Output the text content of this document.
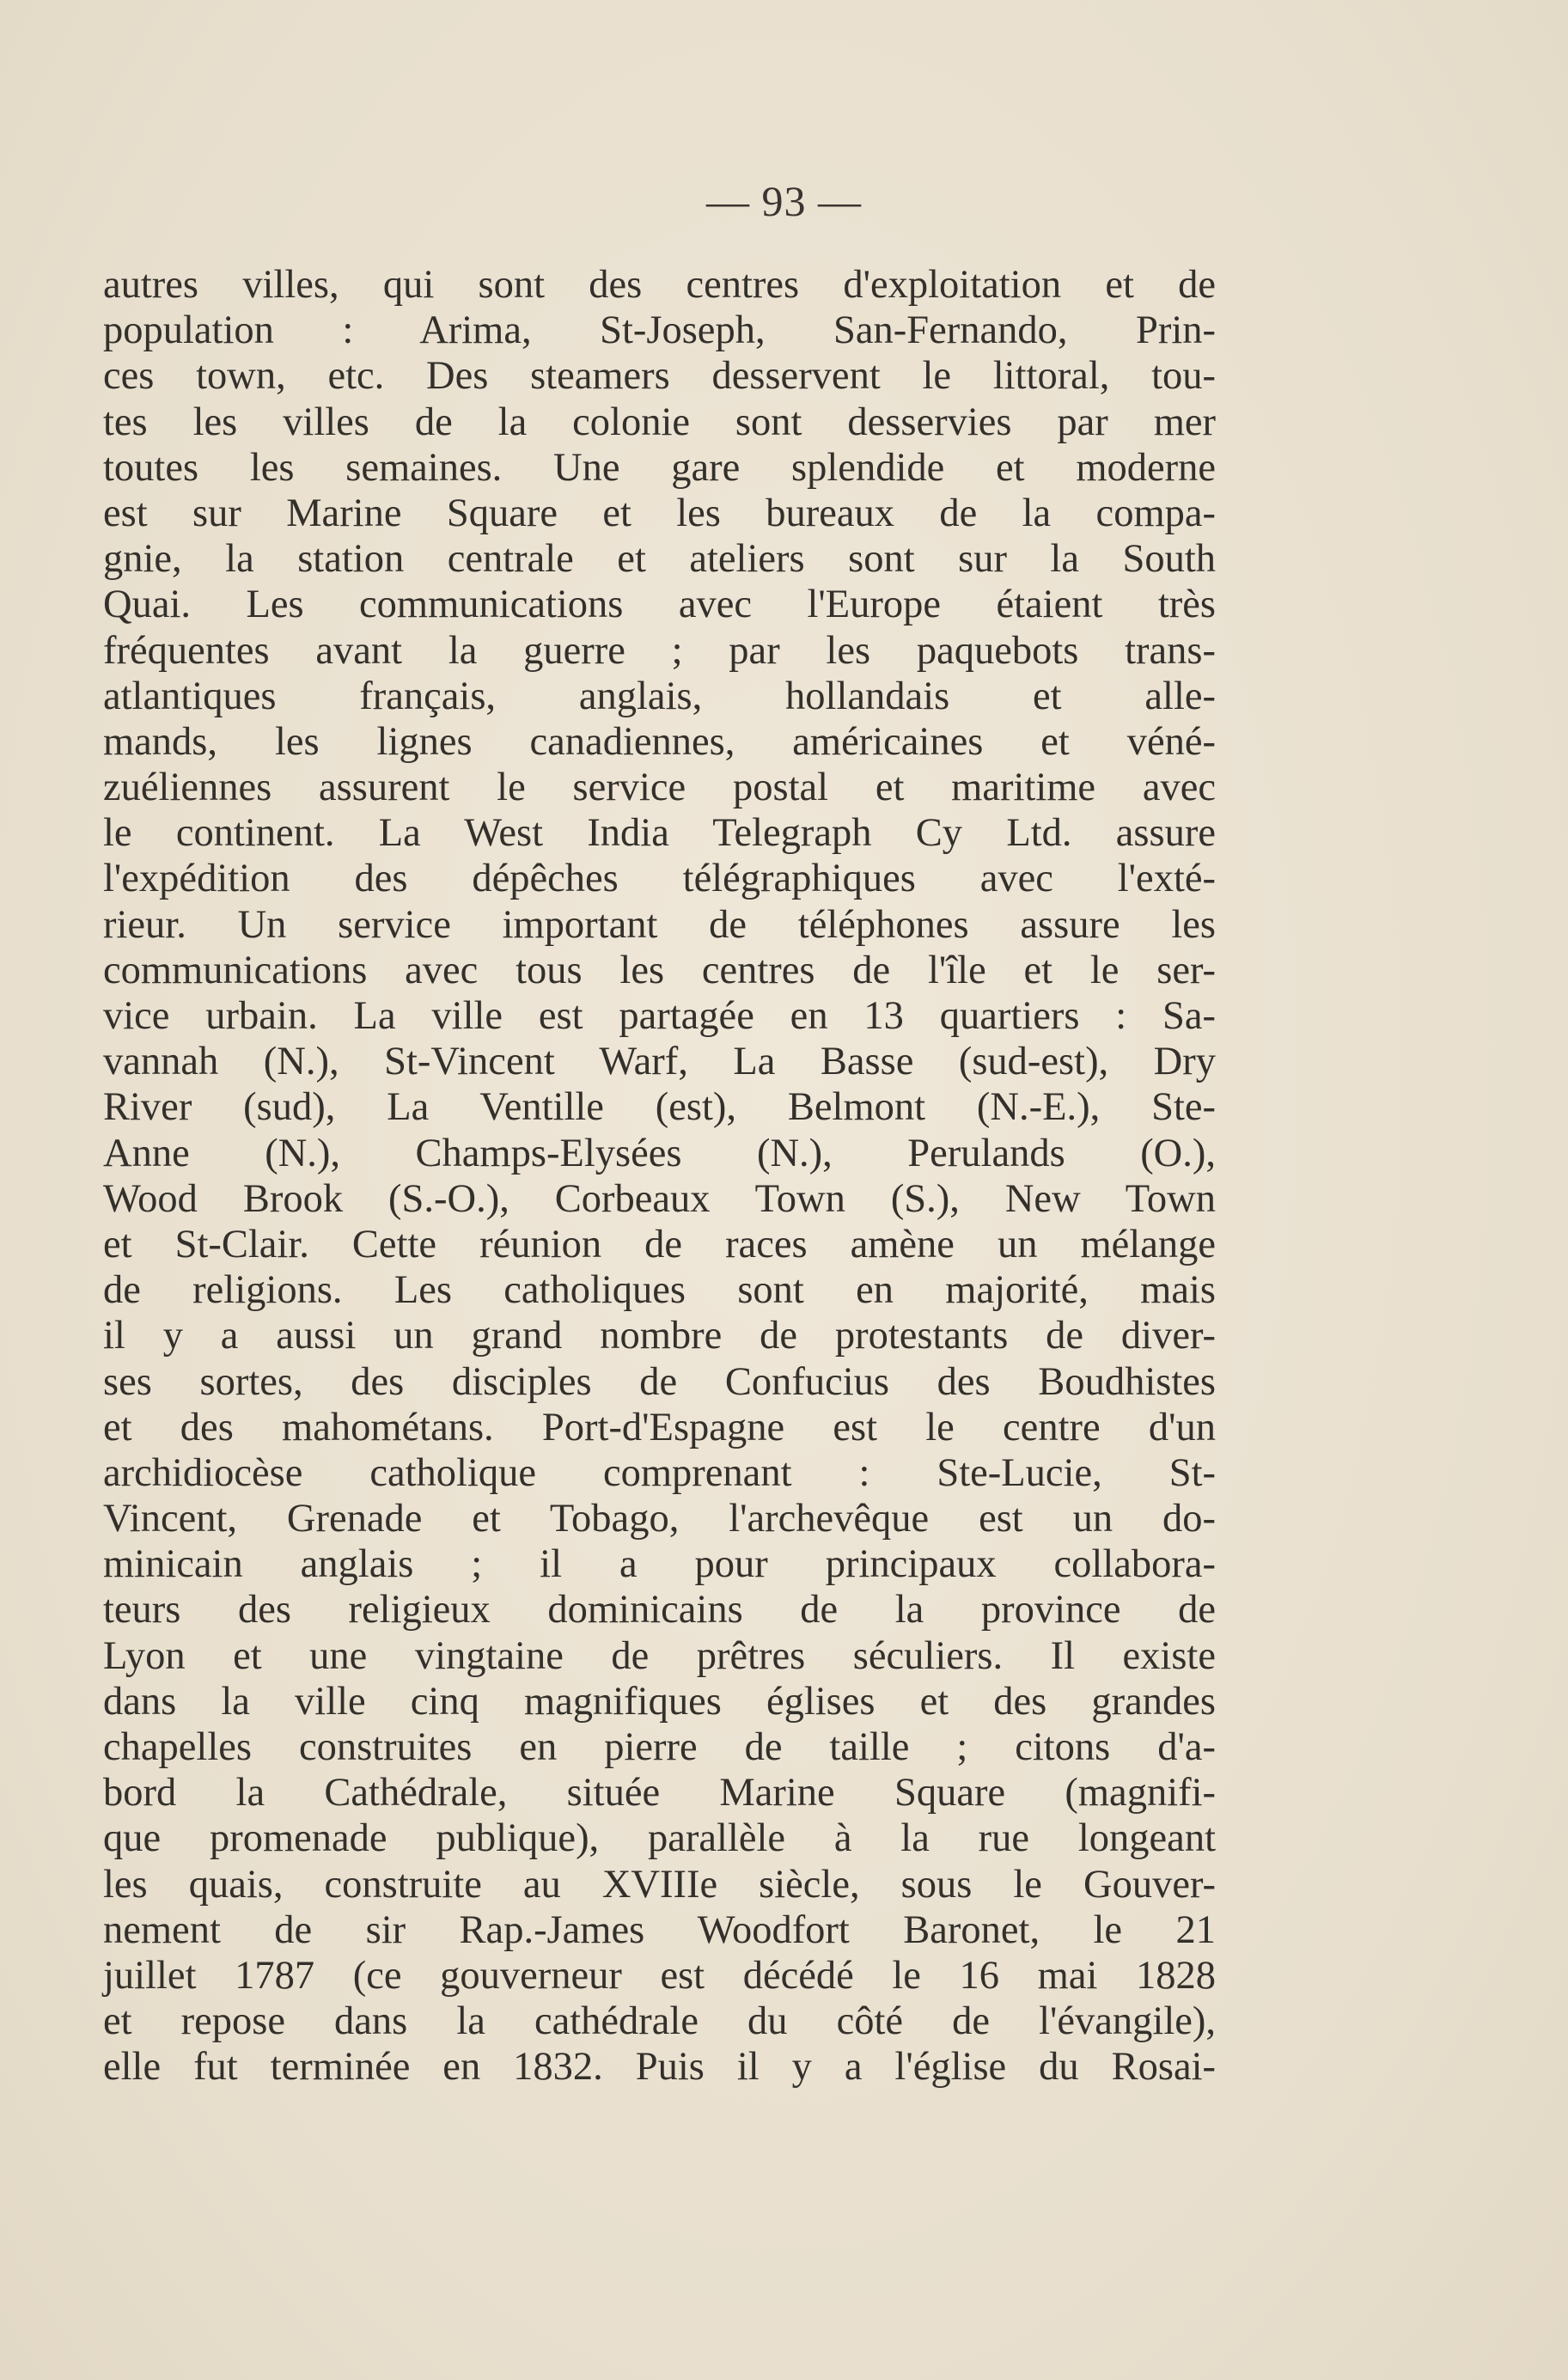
— 93 —
autres villes, qui sont des centres d'exploitation et de
population : Arima, St-Joseph, San-Fernando, Prin-
ces town, etc. Des steamers desservent le littoral, tou-
tes les villes de la colonie sont desservies par mer
toutes les semaines. Une gare splendide et moderne
est sur Marine Square et les bureaux de la compa-
gnie, la station centrale et ateliers sont sur la South
Quai. Les communications avec l'Europe étaient très
fréquentes avant la guerre ; par les paquebots trans-
atlantiques français, anglais, hollandais et alle-
mands, les lignes canadiennes, américaines et véné-
zuéliennes assurent le service postal et maritime avec
le continent. La West India Telegraph Cy Ltd. assure
l'expédition des dépêches télégraphiques avec l'exté-
rieur. Un service important de téléphones assure les
communications avec tous les centres de l'île et le ser-
vice urbain. La ville est partagée en 13 quartiers : Sa-
vannah (N.), St-Vincent Warf, La Basse (sud-est), Dry
River (sud), La Ventille (est), Belmont (N.-E.), Ste-
Anne (N.), Champs-Elysées (N.), Perulands (O.),
Wood Brook (S.-O.), Corbeaux Town (S.), New Town
et St-Clair. Cette réunion de races amène un mélange
de religions. Les catholiques sont en majorité, mais
il y a aussi un grand nombre de protestants de diver-
ses sortes, des disciples de Confucius des Boudhistes
et des mahométans. Port-d'Espagne est le centre d'un
archidiocèse catholique comprenant : Ste-Lucie, St-
Vincent, Grenade et Tobago, l'archevêque est un do-
minicain anglais ; il a pour principaux collabora-
teurs des religieux dominicains de la province de
Lyon et une vingtaine de prêtres séculiers. Il existe
dans la ville cinq magnifiques églises et des grandes
chapelles construites en pierre de taille ; citons d'a-
bord la Cathédrale, située Marine Square (magnifi-
que promenade publique), parallèle à la rue longeant
les quais, construite au XVIIIe siècle, sous le Gouver-
nement de sir Rap.-James Woodfort Baronet, le 21
juillet 1787 (ce gouverneur est décédé le 16 mai 1828
et repose dans la cathédrale du côté de l'évangile),
elle fut terminée en 1832. Puis il y a l'église du Rosai-
